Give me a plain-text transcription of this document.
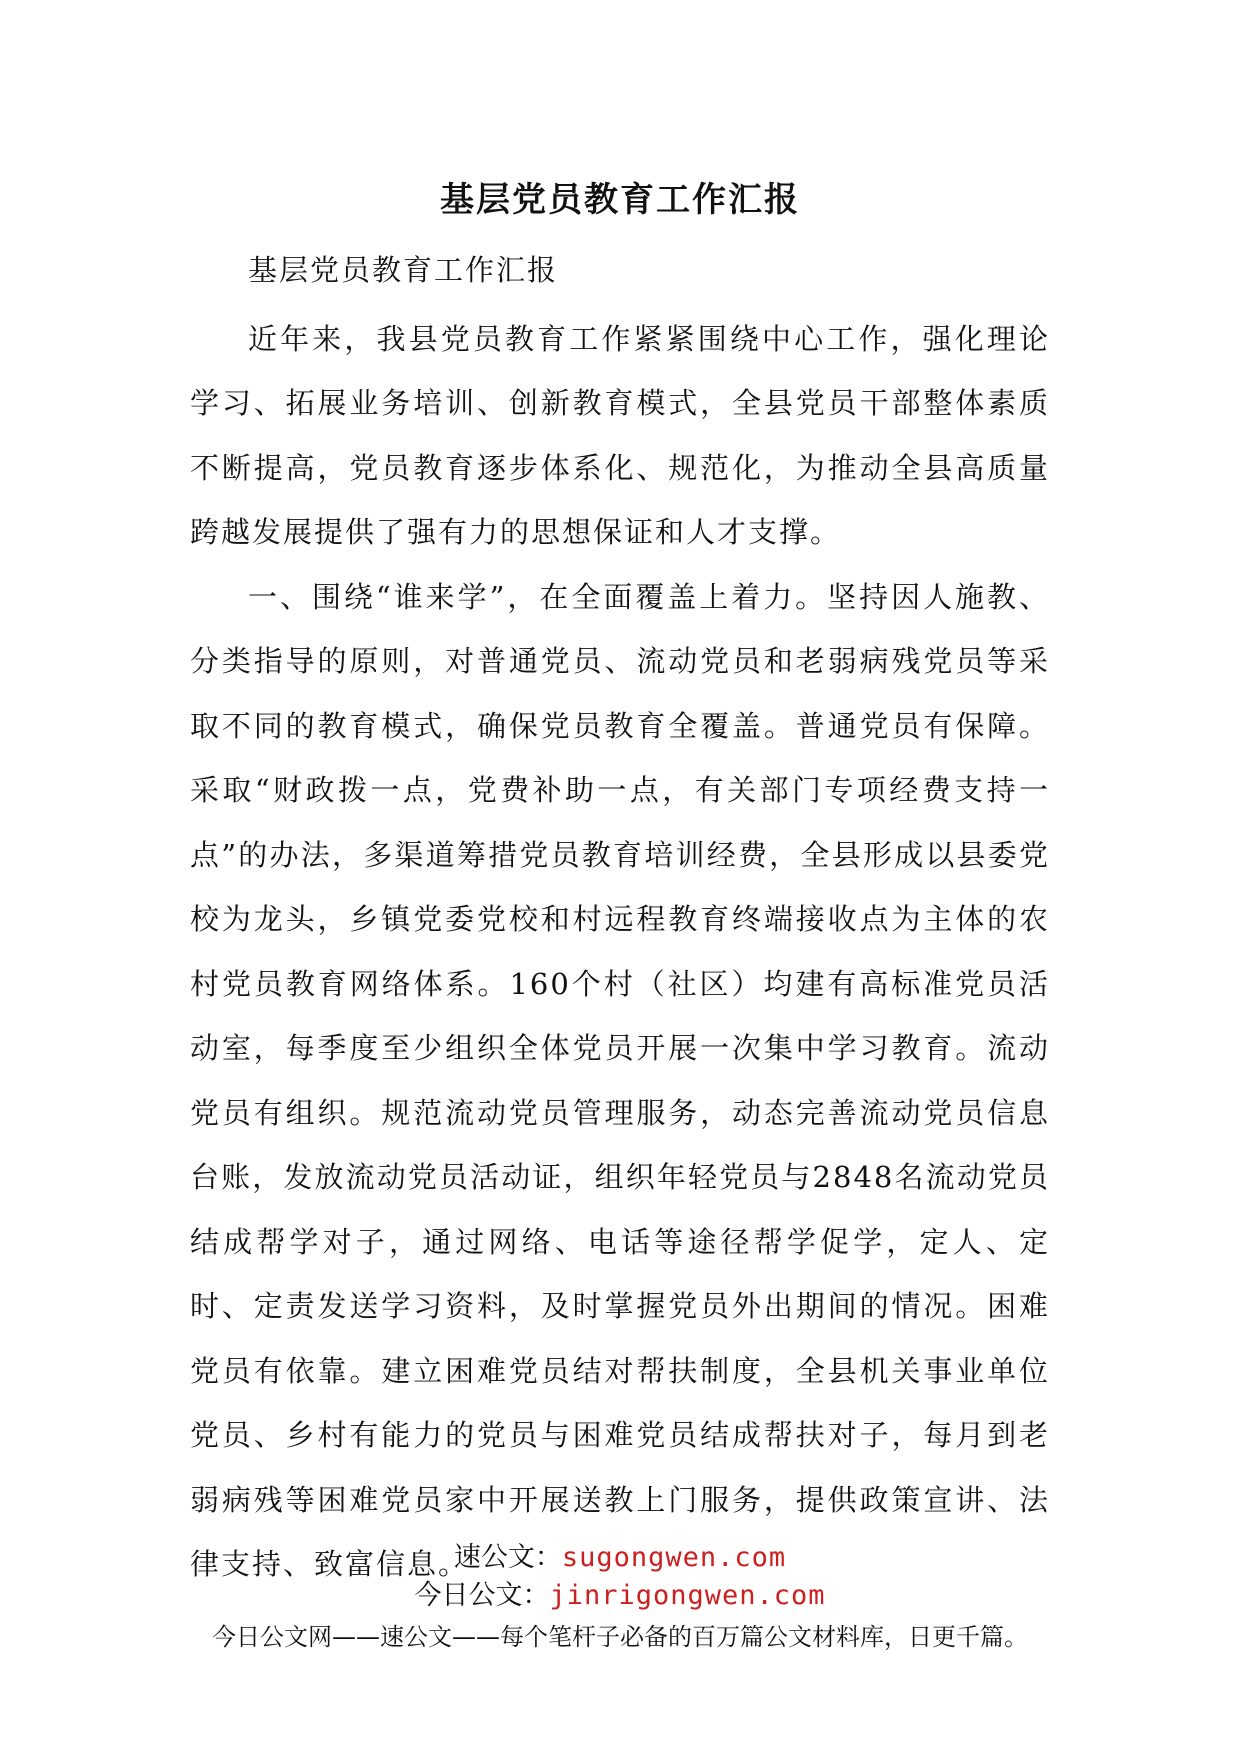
基层党员教育工作汇报

基层党员教育工作汇报

近年来，我县党员教育工作紧紧围绕中心工作，强化理论学习、拓展业务培训、创新教育模式，全县党员干部整体素质不断提高，党员教育逐步体系化、规范化，为推动全县高质量跨越发展提供了强有力的思想保证和人才支撑。

一、围绕“谁来学”，在全面覆盖上着力。坚持因人施教、分类指导的原则，对普通党员、流动党员和老弱病残党员等采取不同的教育模式，确保党员教育全覆盖。普通党员有保障。采取“财政拨一点，党费补助一点，有关部门专项经费支持一点”的办法，多渠道筹措党员教育培训经费，全县形成以县委党校为龙头，乡镇党委党校和村远程教育终端接收点为主体的农村党员教育网络体系。160个村（社区）均建有高标准党员活动室，每季度至少组织全体党员开展一次集中学习教育。流动党员有组织。规范流动党员管理服务，动态完善流动党员信息台账，发放流动党员活动证，组织年轻党员与2848名流动党员结成帮学对子，通过网络、电话等途径帮学促学，定人、定时、定责发送学习资料，及时掌握党员外出期间的情况。困难党员有依靠。建立困难党员结对帮扶制度，全县机关事业单位党员、乡村有能力的党员与困难党员结成帮扶对子，每月到老弱病残等困难党员家中开展送教上门服务，提供政策宣讲、法律支持、致富信息。

速公文：sugongwen.com
今日公文：jinrigongwen.com
今日公文网——速公文——每个笔杆子必备的百万篇公文材料库，日更千篇。
